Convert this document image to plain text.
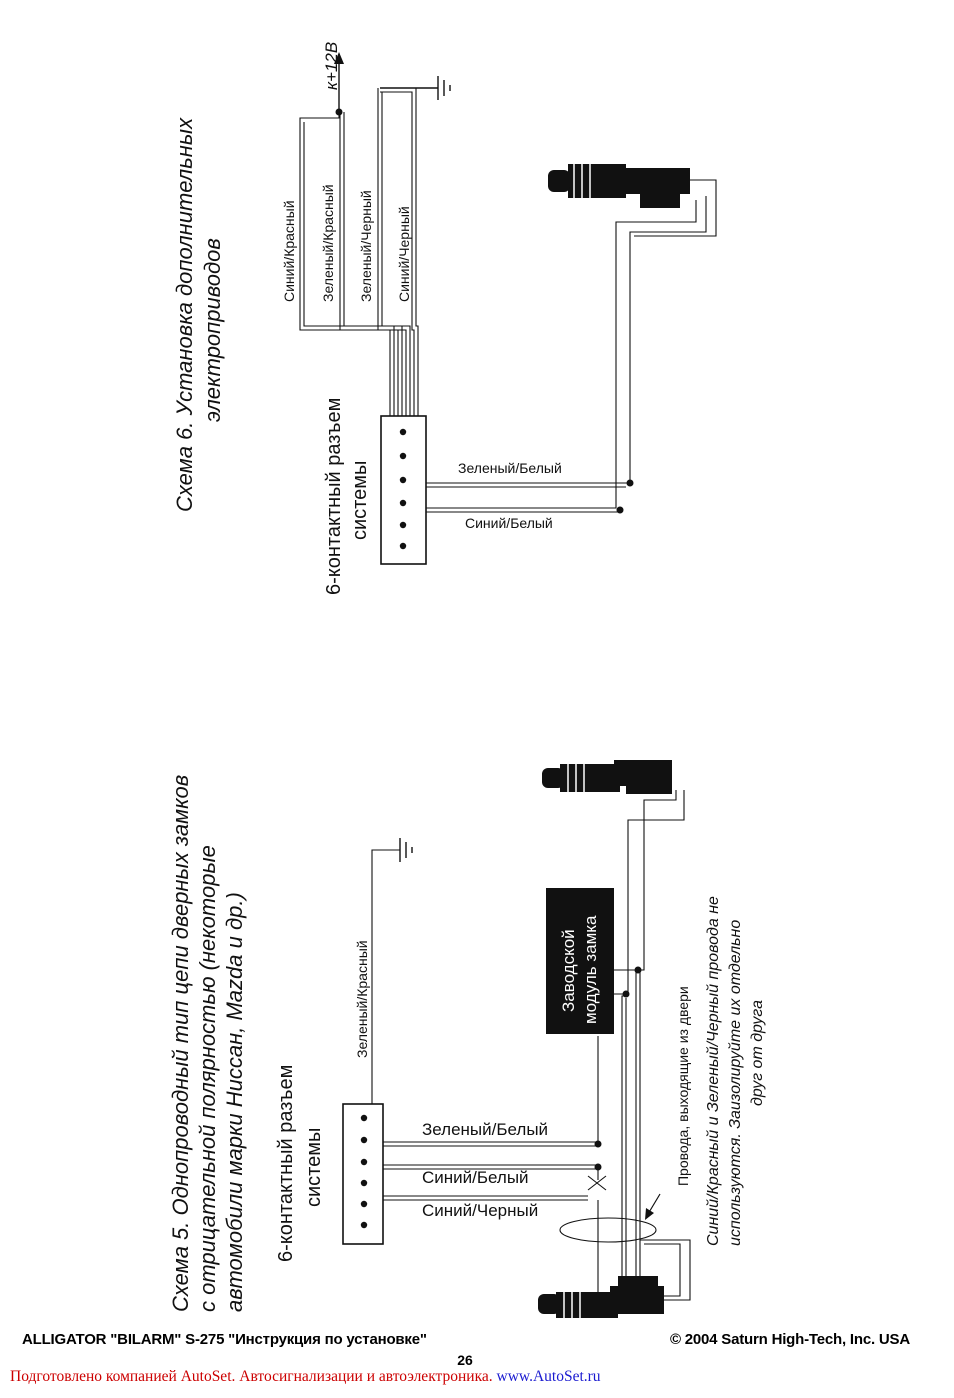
Схема 6. Установка дополнительных электроприводов
6-контактный разъем системы
к+12В
Синий/Красный Зеленый/Красный Зеленый/Черный Синий/Черный
Зеленый/Белый
Синий/Белый
Схема 5. Однопроводный тип цепи дверных замков с отрицательной полярностью (некоторые автомобили марки Ниссан, Mazda и др.) 6-контактный разъем системы
Зеленый/Красный
Зеленый/Белый
Синий/Белый
Синий/Черный
Заводской модуль замка
Провода, выходящие из двери Синий/Красный и Зеленый/Черный провода не используются. Заизолируйте их отдельно друг от друга
ALLIGATOR "BILARM" S-275 "Инструкция по установке"	© 2004 Saturn High-Tech, Inc. USA
26
Подготовлено компанией AutoSet. Автосигнализации и автоэлектроника. www.AutoSet.ru
